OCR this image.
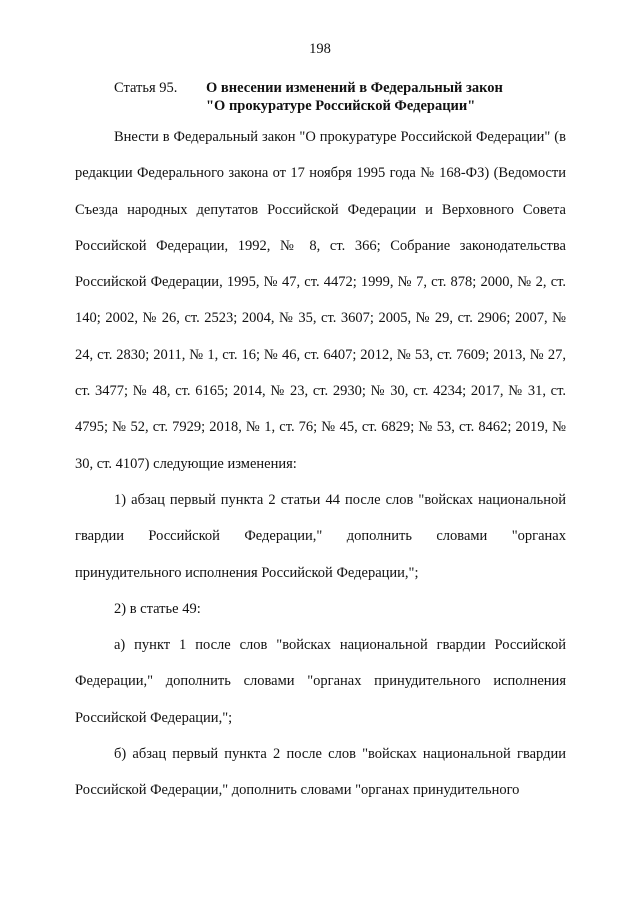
198
Статья 95. О внесении изменений в Федеральный закон
"О прокуратуре Российской Федерации"

Внести в Федеральный закон "О прокуратуре Российской Федерации" (в редакции Федерального закона от 17 ноября 1995 года № 168-ФЗ) (Ведомости Съезда народных депутатов Российской Федерации и Верховного Совета Российской Федерации, 1992, № 8, ст. 366; Собрание законодательства Российской Федерации, 1995, № 47, ст. 4472; 1999, № 7, ст. 878; 2000, № 2, ст. 140; 2002, № 26, ст. 2523; 2004, № 35, ст. 3607; 2005, № 29, ст. 2906; 2007, № 24, ст. 2830; 2011, № 1, ст. 16; № 46, ст. 6407; 2012, № 53, ст. 7609; 2013, № 27, ст. 3477; № 48, ст. 6165; 2014, № 23, ст. 2930; № 30, ст. 4234; 2017, № 31, ст. 4795; № 52, ст. 7929; 2018, № 1, ст. 76; № 45, ст. 6829; № 53, ст. 8462; 2019, № 30, ст. 4107) следующие изменения:

1) абзац первый пункта 2 статьи 44 после слов "войсках национальной гвардии Российской Федерации," дополнить словами "органах принудительного исполнения Российской Федерации,";

2) в статье 49:

а) пункт 1 после слов "войсках национальной гвардии Российской Федерации," дополнить словами "органах принудительного исполнения Российской Федерации,";

б) абзац первый пункта 2 после слов "войсках национальной гвардии Российской Федерации," дополнить словами "органах принудительного
